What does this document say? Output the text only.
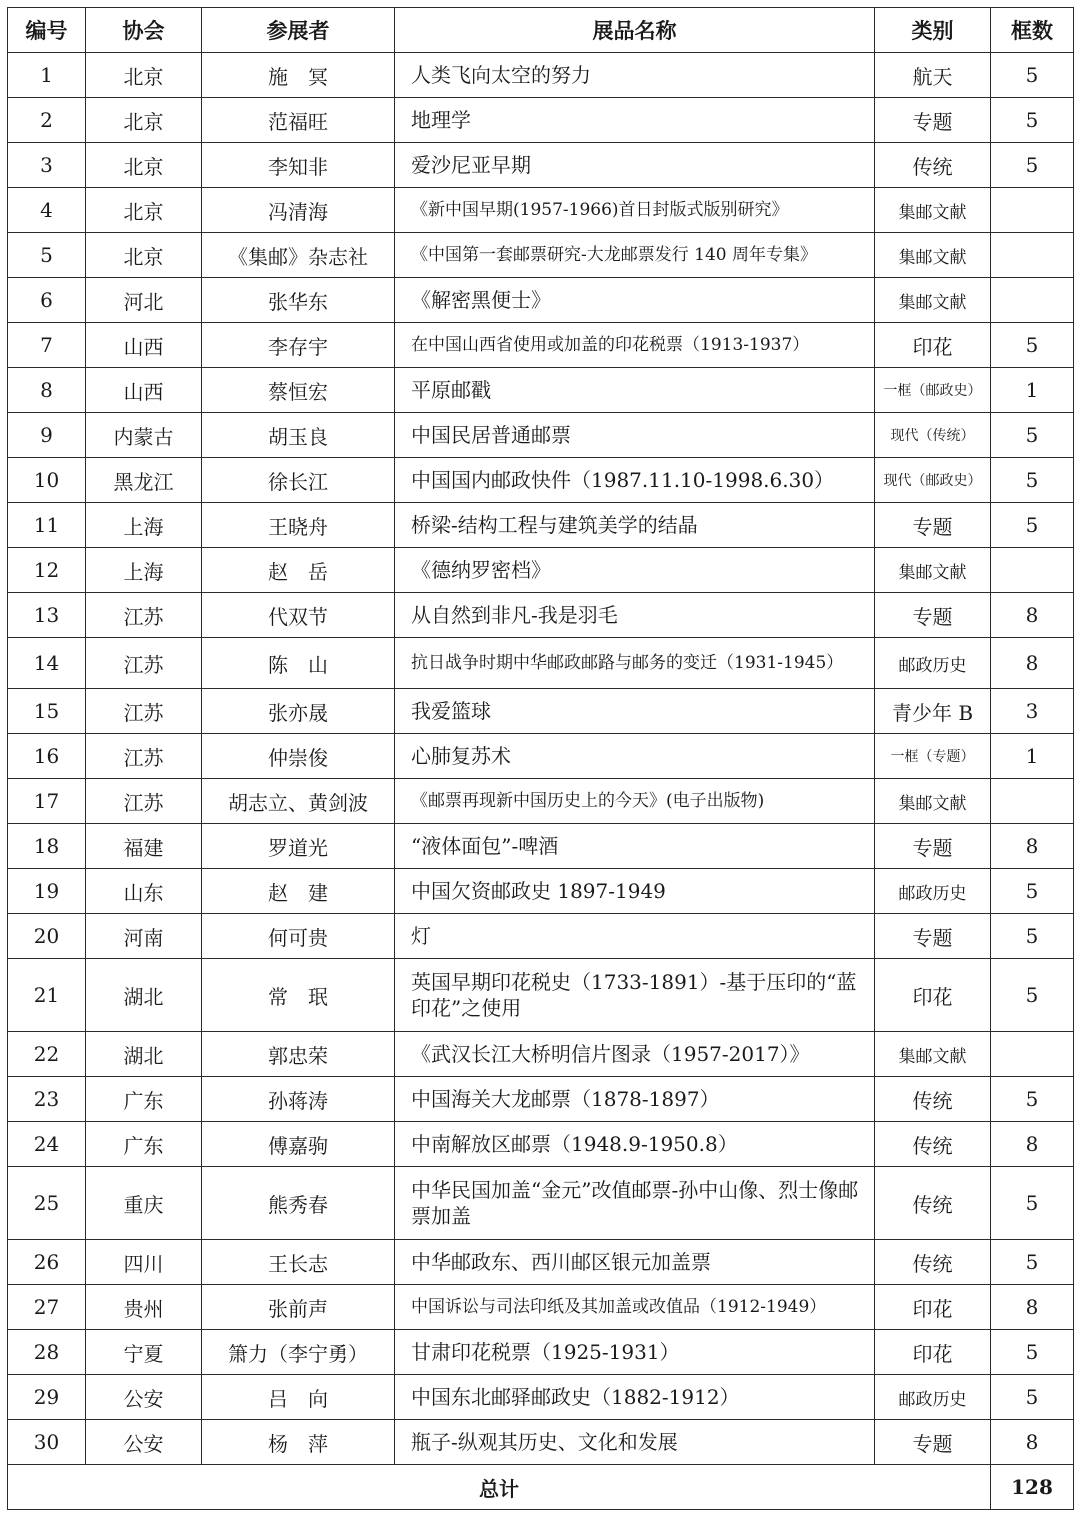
编号	协会	参展者	展品名称	类别	框数
1	北京	施　冥	人类飞向太空的努力	航天	5
2	北京	范福旺	地理学	专题	5
3	北京	李知非	爱沙尼亚早期	传统	5
4	北京	冯清海	《新中国早期(1957-1966)首日封版式版别研究》	集邮文献	
5	北京	《集邮》杂志社	《中国第一套邮票研究-大龙邮票发行 140 周年专集》	集邮文献	
6	河北	张华东	《解密黑便士》	集邮文献	
7	山西	李存宇	在中国山西省使用或加盖的印花税票（1913-1937）	印花	5
8	山西	蔡恒宏	平原邮戳	一框（邮政史）	1
9	内蒙古	胡玉良	中国民居普通邮票	现代（传统）	5
10	黑龙江	徐长江	中国国内邮政快件（1987.11.10-1998.6.30）	现代（邮政史）	5
11	上海	王晓舟	桥梁-结构工程与建筑美学的结晶	专题	5
12	上海	赵　岳	《德纳罗密档》	集邮文献	
13	江苏	代双节	从自然到非凡-我是羽毛	专题	8
14	江苏	陈　山	抗日战争时期中华邮政邮路与邮务的变迁（1931-1945）	邮政历史	8
15	江苏	张亦晟	我爱篮球	青少年 B	3
16	江苏	仲崇俊	心肺复苏术	一框（专题）	1
17	江苏	胡志立、黄剑波	《邮票再现新中国历史上的今天》(电子出版物)	集邮文献	
18	福建	罗道光	“液体面包”-啤酒	专题	8
19	山东	赵　建	中国欠资邮政史 1897-1949	邮政历史	5
20	河南	何可贵	灯	专题	5
21	湖北	常　珉	英国早期印花税史（1733-1891）-基于压印的“蓝印花”之使用	印花	5
22	湖北	郭忠荣	《武汉长江大桥明信片图录（1957-2017）》	集邮文献	
23	广东	孙蒋涛	中国海关大龙邮票（1878-1897）	传统	5
24	广东	傅嘉驹	中南解放区邮票（1948.9-1950.8）	传统	8
25	重庆	熊秀春	中华民国加盖“金元”改值邮票-孙中山像、烈士像邮票加盖	传统	5
26	四川	王长志	中华邮政东、西川邮区银元加盖票	传统	5
27	贵州	张前声	中国诉讼与司法印纸及其加盖或改值品（1912-1949）	印花	8
28	宁夏	箫力（李宁勇）	甘肃印花税票（1925-1931）	印花	5
29	公安	吕　向	中国东北邮驿邮政史（1882-1912）	邮政历史	5
30	公安	杨　萍	瓶子-纵观其历史、文化和发展	专题	8
总计					128
